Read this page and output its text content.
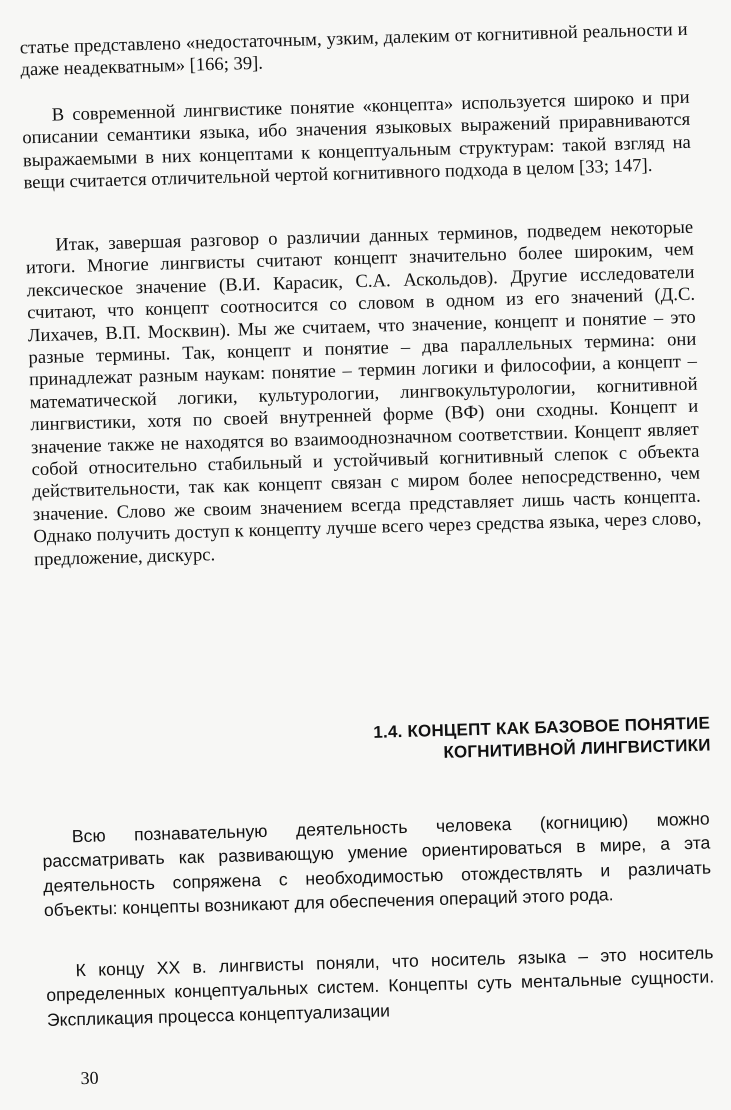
статье представлено «недостаточным, узким, далеким от когнитивной реальности и даже неадекватным» [166; 39].

В современной лингвистике понятие «концепта» используется широко и при описании семантики языка, ибо значения языковых выражений приравниваются выражаемыми в них концептами к концептуальным структурам: такой взгляд на вещи считается отличительной чертой когнитивного подхода в целом [33; 147].

Итак, завершая разговор о различии данных терминов, подведем некоторые итоги. Многие лингвисты считают концепт значительно более широким, чем лексическое значение (В.И. Карасик, С.А. Аскольдов). Другие исследователи считают, что концепт соотносится со словом в одном из его значений (Д.С. Лихачев, В.П. Москвин). Мы же считаем, что значение, концепт и понятие – это разные термины. Так, концепт и понятие – два параллельных термина: они принадлежат разным наукам: понятие – термин логики и философии, а концепт – математической логики, культурологии, лингвокультурологии, когнитивной лингвистики, хотя по своей внутренней форме (ВФ) они сходны. Концепт и значение также не находятся во взаимооднозначном соответствии. Концепт являет собой относительно стабильный и устойчивый когнитивный слепок с объекта действительности, так как концепт связан с миром более непосредственно, чем значение. Слово же своим значением всегда представляет лишь часть концепта. Однако получить доступ к концепту лучше всего через средства языка, через слово, предложение, дискурс.

1.4. КОНЦЕПТ КАК БАЗОВОЕ ПОНЯТИЕ
КОГНИТИВНОЙ ЛИНГВИСТИКИ

Всю познавательную деятельность человека (когницию) можно рассматривать как развивающую умение ориентироваться в мире, а эта деятельность сопряжена с необходимостью отождествлять и различать объекты: концепты возникают для обеспечения операций этого рода.

К концу XX в. лингвисты поняли, что носитель языка – это носитель определенных концептуальных систем. Концепты суть ментальные сущности. Экспликация процесса концептуализации

30
